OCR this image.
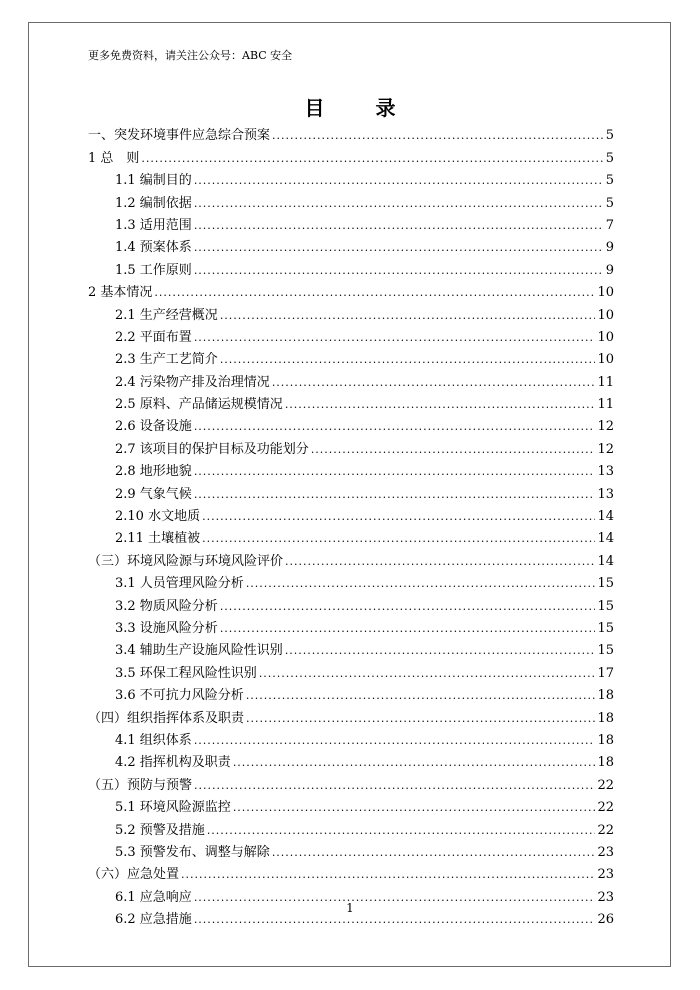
更多免费资料，请关注公众号：ABC 安全
目 录
一、突发环境事件应急综合预案 .....	5
1 总　则 .....	5
1.1 编制目的 .....	5
1.2 编制依据 .....	5
1.3 适用范围 .....	7
1.4 预案体系 .....	9
1.5 工作原则 .....	9
2 基本情况 .....	10
2.1 生产经营概况 .....	10
2.2 平面布置 .....	10
2.3 生产工艺简介 .....	10
2.4 污染物产排及治理情况 .....	11
2.5 原料、产品储运规模情况 .....	11
2.6 设备设施 .....	12
2.7 该项目的保护目标及功能划分 .....	12
2.8 地形地貌 .....	13
2.9 气象气候 .....	13
2.10 水文地质 .....	14
2.11 土壤植被 .....	14
（三）环境风险源与环境风险评价 .....	14
3.1 人员管理风险分析 .....	15
3.2 物质风险分析 .....	15
3.3 设施风险分析 .....	15
3.4 辅助生产设施风险性识别 .....	15
3.5 环保工程风险性识别 .....	17
3.6 不可抗力风险分析 .....	18
（四）组织指挥体系及职责 .....	18
4.1 组织体系 .....	18
4.2 指挥机构及职责 .....	18
（五）预防与预警 .....	22
5.1 环境风险源监控 .....	22
5.2 预警及措施 .....	22
5.3 预警发布、调整与解除 .....	23
（六）应急处置 .....	23
6.1 应急响应 .....	23
6.2 应急措施 .....	26
1
